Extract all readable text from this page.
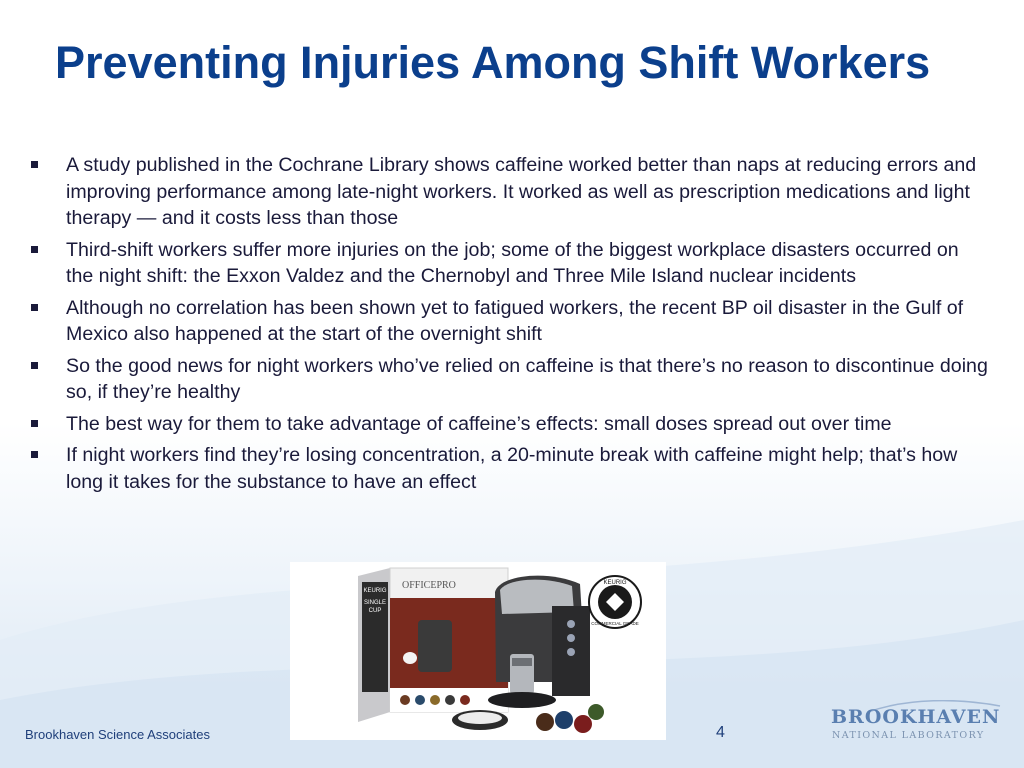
Preventing Injuries Among Shift Workers
A study published in the Cochrane Library shows caffeine worked better than naps at reducing errors and improving performance among late-night workers. It worked as well as prescription medications and light therapy — and it costs less than those
Third-shift workers suffer more injuries on the job; some of the biggest workplace disasters occurred on the night shift: the Exxon Valdez and the Chernobyl and Three Mile Island nuclear incidents
Although no correlation has been shown yet to fatigued workers, the recent BP oil disaster in the Gulf of Mexico also happened at the start of the overnight shift
So the good news for night workers who’ve relied on caffeine is that there’s no reason to discontinue doing so, if they’re healthy
The best way for them to take advantage of caffeine’s effects: small doses spread out over time
If night workers find they’re losing concentration, a 20-minute break with caffeine might help; that’s how long it takes for the substance to have an effect
KEURIG
SINGLE
CUP
OFFICEPRO	KEURIG
COMMERCIAL GRADE
Brookhaven Science Associates	4
BROOKHAVEN
NATIONAL LABORATORY
